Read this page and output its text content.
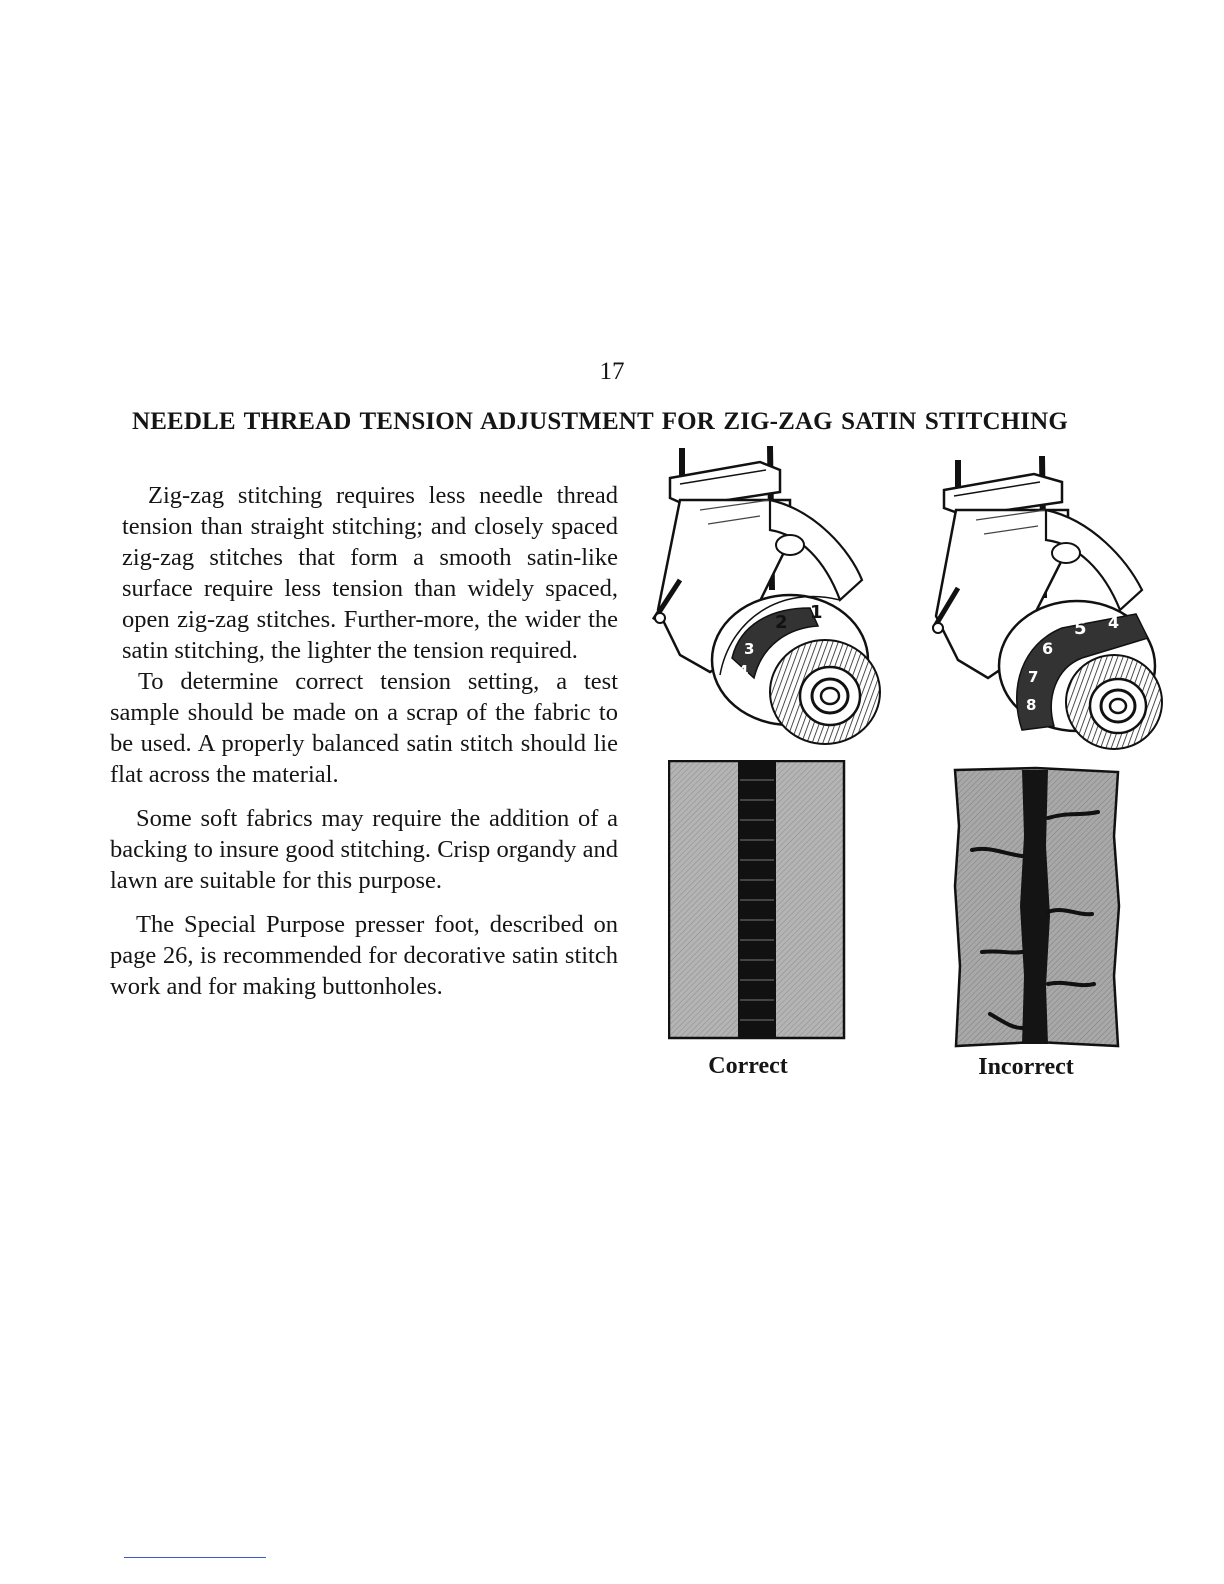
17
NEEDLE THREAD TENSION ADJUSTMENT FOR ZIG-ZAG SATIN STITCHING

Zig-zag stitching requires less needle thread tension than straight stitching; and closely spaced zig-zag stitches that form a smooth satin-like surface require less tension than widely spaced, open zig-zag stitches. Further-more, the wider the satin stitching, the lighter the tension required.

To determine correct tension setting, a test sample should be made on a scrap of the fabric to be used. A properly balanced satin stitch should lie flat across the material.

Some soft fabrics may require the addition of a backing to insure good stitching. Crisp organdy and lawn are suitable for this purpose.

The Special Purpose presser foot, described on page 26, is recommended for decorative satin stitch work and for making buttonholes.

2 1
3
4
5 4
6
7
8
Correct	Incorrect
